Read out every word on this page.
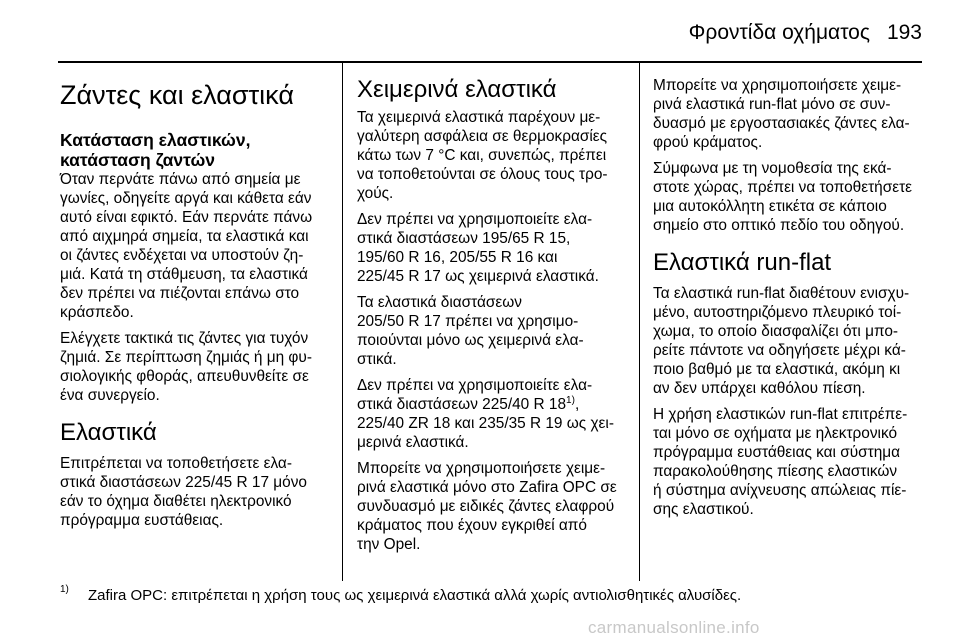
Φροντίδα οχήματος 193
Ζάντες και ελαστικά
Κατάσταση ελαστικών,
κατάσταση ζαντών

Όταν περνάτε πάνω από σημεία με
γωνίες, οδηγείτε αργά και κάθετα εάν
αυτό είναι εφικτό. Εάν περνάτε πάνω
από αιχμηρά σημεία, τα ελαστικά και
οι ζάντες ενδέχεται να υποστούν ζη-
μιά. Κατά τη στάθμευση, τα ελαστικά
δεν πρέπει να πιέζονται επάνω στο
κράσπεδο.

Ελέγχετε τακτικά τις ζάντες για τυχόν
ζημιά. Σε περίπτωση ζημιάς ή μη φυ-
σιολογικής φθοράς, απευθυνθείτε σε
ένα συνεργείο.

Ελαστικά

Επιτρέπεται να τοποθετήσετε ελα-
στικά διαστάσεων 225/45 R 17 μόνο
εάν το όχημα διαθέτει ηλεκτρονικό
πρόγραμμα ευστάθειας.

Χειμερινά ελαστικά

Τα χειμερινά ελαστικά παρέχουν με-
γαλύτερη ασφάλεια σε θερμοκρασίες
κάτω των 7 °C και, συνεπώς, πρέπει
να τοποθετούνται σε όλους τους τρο-
χούς.

Δεν πρέπει να χρησιμοποιείτε ελα-
στικά διαστάσεων 195/65 R 15,
195/60 R 16, 205/55 R 16 και
225/45 R 17 ως χειμερινά ελαστικά.

Τα ελαστικά διαστάσεων
205/50 R 17 πρέπει να χρησιμο-
ποιούνται μόνο ως χειμερινά ελα-
στικά.

Δεν πρέπει να χρησιμοποιείτε ελα-
στικά διαστάσεων 225/40 R 18$^{1)}$,
225/40 ZR 18 και 235/35 R 19 ως χει-
μερινά ελαστικά.

Μπορείτε να χρησιμοποιήσετε χειμε-
ρινά ελαστικά μόνο στο Zafira OPC σε
συνδυασμό με ειδικές ζάντες ελαφρού
κράματος που έχουν εγκριθεί από
την Opel.

Μπορείτε να χρησιμοποιήσετε χειμε-
ρινά ελαστικά run-flat μόνο σε συν-
δυασμό με εργοστασιακές ζάντες ελα-
φρού κράματος.

Σύμφωνα με τη νομοθεσία της εκά-
στοτε χώρας, πρέπει να τοποθετήσετε
μια αυτοκόλλητη ετικέτα σε κάποιο
σημείο στο οπτικό πεδίο του οδηγού.

Ελαστικά run-flat

Τα ελαστικά run-flat διαθέτουν ενισχυ-
μένο, αυτοστηριζόμενο πλευρικό τοί-
χωμα, το οποίο διασφαλίζει ότι μπο-
ρείτε πάντοτε να οδηγήσετε μέχρι κά-
ποιο βαθμό με τα ελαστικά, ακόμη κι
αν δεν υπάρχει καθόλου πίεση.

Η χρήση ελαστικών run-flat επιτρέπε-
ται μόνο σε οχήματα με ηλεκτρονικό
πρόγραμμα ευστάθειας και σύστημα
παρακολούθησης πίεσης ελαστικών
ή σύστημα ανίχνευσης απώλειας πίε-
σης ελαστικού.

1) Zafira OPC: επιτρέπεται η χρήση τους ως χειμερινά ελαστικά αλλά χωρίς αντιολισθητικές αλυσίδες.
carmanualsonline.info
